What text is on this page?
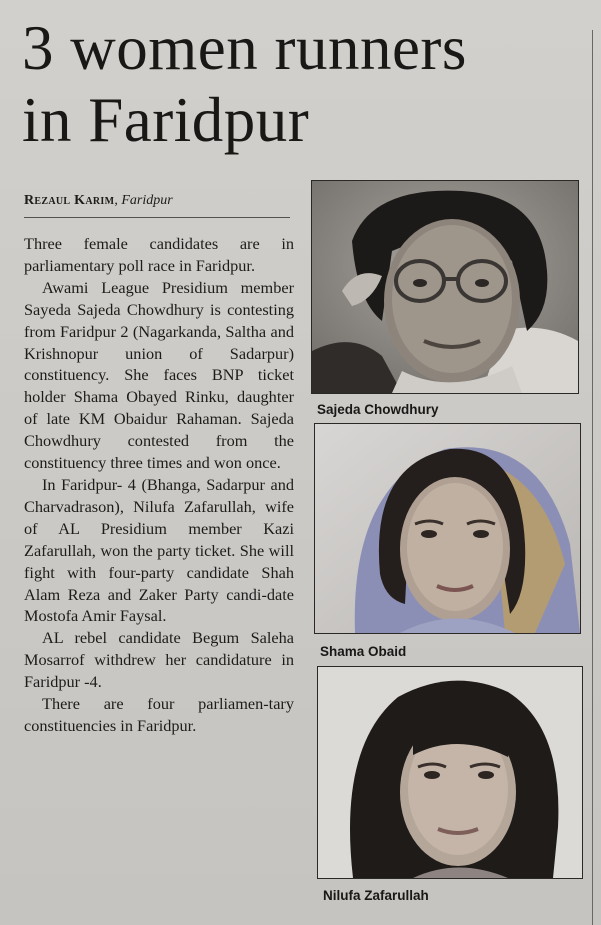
3 women runners
in Faridpur
Rezaul Karim, Faridpur

Three female candidates are in parliamentary poll race in Faridpur.

Awami League Presidium member Sayeda Sajeda Chowdhury is contesting from Faridpur 2 (Nagarkanda, Saltha and Krishnopur union of Sadarpur) constituency. She faces BNP ticket holder Shama Obayed Rinku, daughter of late KM Obaidur Rahaman. Sajeda Chowdhury contested from the constituency three times and won once.

In Faridpur- 4 (Bhanga, Sadarpur and Charvadrason), Nilufa Zafarullah, wife of AL Presidium member Kazi Zafarullah, won the party ticket. She will fight with four-party candidate Shah Alam Reza and Zaker Party candi-date Mostofa Amir Faysal.

AL rebel candidate Begum Saleha Mosarrof withdrew her candidature in Faridpur -4.

There are four parliamen-tary constituencies in Faridpur.

Sajeda Chowdhury
Shama Obaid
Nilufa Zafarullah
